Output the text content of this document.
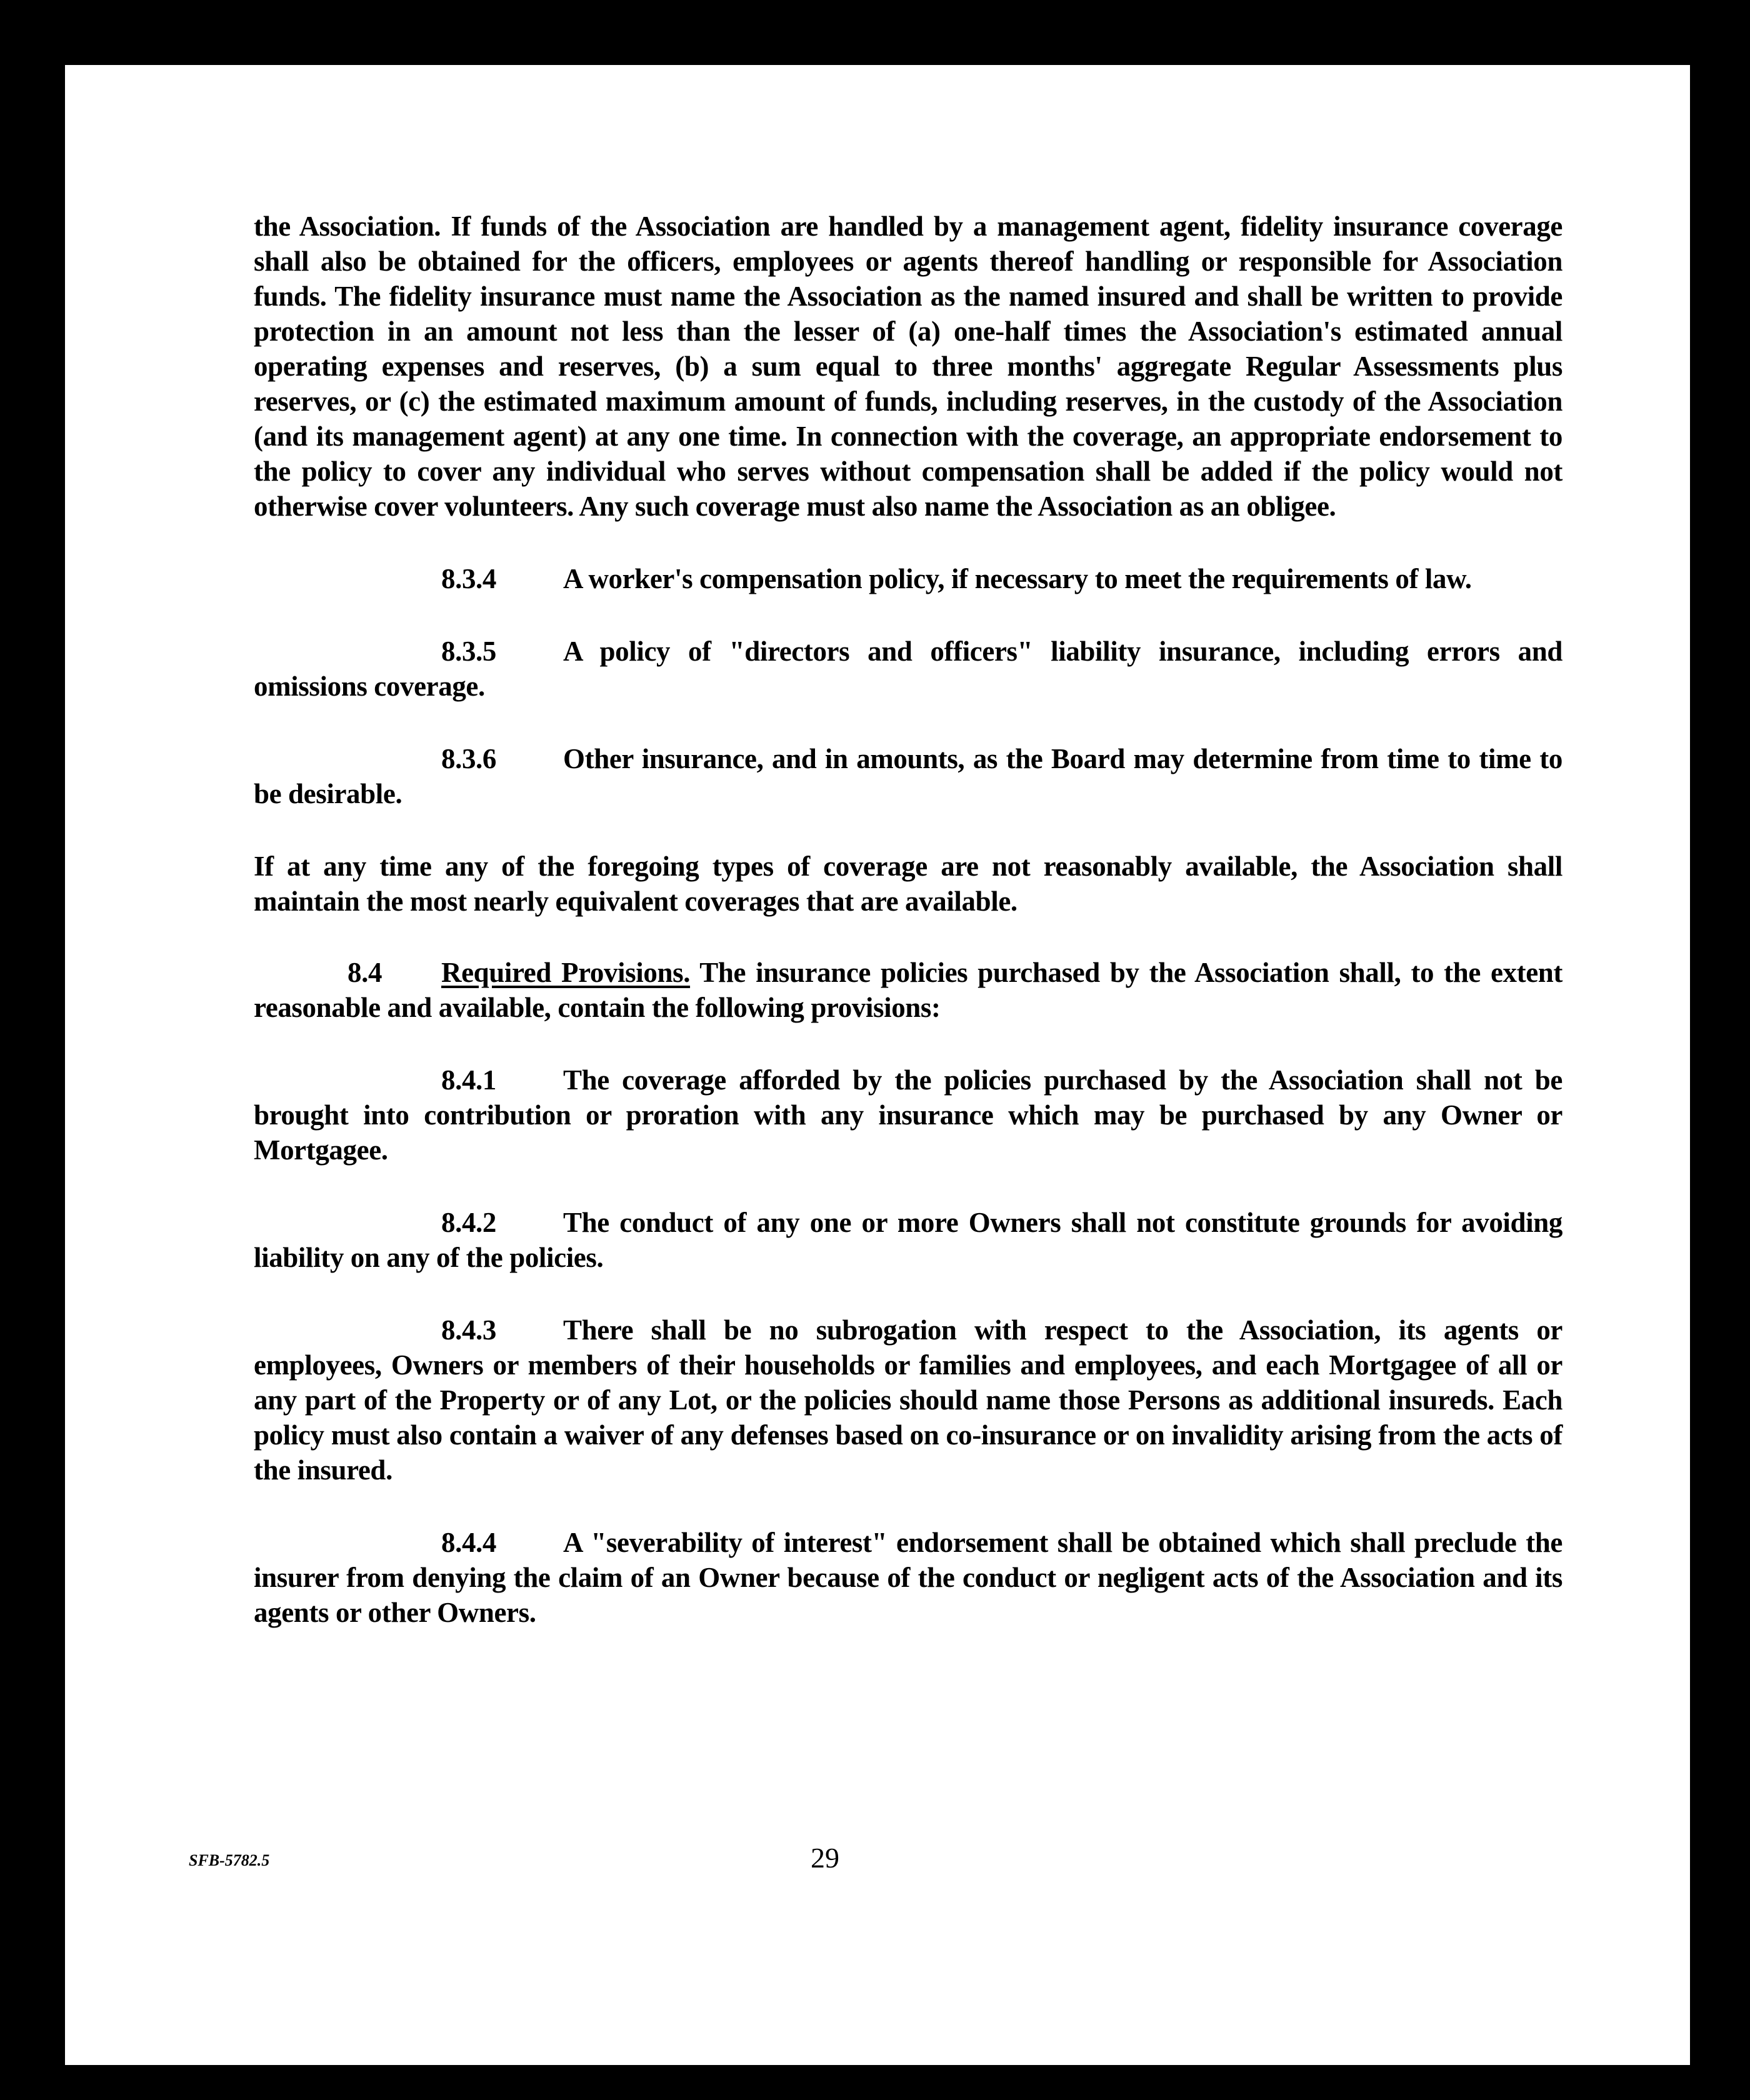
the Association. If funds of the Association are handled by a management agent, fidelity insurance coverage shall also be obtained for the officers, employees or agents thereof handling or responsible for Association funds. The fidelity insurance must name the Association as the named insured and shall be written to provide protection in an amount not less than the lesser of (a) one-half times the Association's estimated annual operating expenses and reserves, (b) a sum equal to three months' aggregate Regular Assessments plus reserves, or (c) the estimated maximum amount of funds, including reserves, in the custody of the Association (and its management agent) at any one time. In connection with the coverage, an appropriate endorsement to the policy to cover any individual who serves without compensation shall be added if the policy would not otherwise cover volunteers. Any such coverage must also name the Association as an obligee.

8.3.4 A worker's compensation policy, if necessary to meet the requirements of law.

8.3.5 A policy of "directors and officers" liability insurance, including errors and omissions coverage.

8.3.6 Other insurance, and in amounts, as the Board may determine from time to time to be desirable.

If at any time any of the foregoing types of coverage are not reasonably available, the Association shall maintain the most nearly equivalent coverages that are available.

8.4 Required Provisions. The insurance policies purchased by the Association shall, to the extent reasonable and available, contain the following provisions:

8.4.1 The coverage afforded by the policies purchased by the Association shall not be brought into contribution or proration with any insurance which may be purchased by any Owner or Mortgagee.

8.4.2 The conduct of any one or more Owners shall not constitute grounds for avoiding liability on any of the policies.

8.4.3 There shall be no subrogation with respect to the Association, its agents or employees, Owners or members of their households or families and employees, and each Mortgagee of all or any part of the Property or of any Lot, or the policies should name those Persons as additional insureds. Each policy must also contain a waiver of any defenses based on co-insurance or on invalidity arising from the acts of the insured.

8.4.4 A "severability of interest" endorsement shall be obtained which shall preclude the insurer from denying the claim of an Owner because of the conduct or negligent acts of the Association and its agents or other Owners.

SFB-5782.5	29
